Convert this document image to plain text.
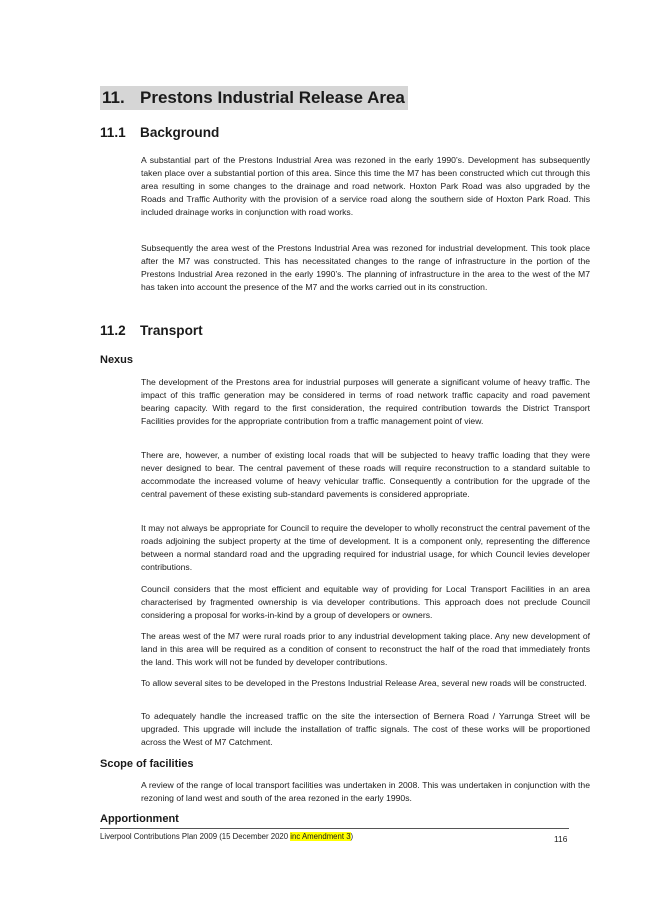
11. Prestons Industrial Release Area
11.1 Background

A substantial part of the Prestons Industrial Area was rezoned in the early 1990’s. Development has subsequently taken place over a substantial portion of this area. Since this time the M7 has been constructed which cut through this area resulting in some changes to the drainage and road network. Hoxton Park Road was also upgraded by the Roads and Traffic Authority with the provision of a service road along the southern side of Hoxton Park Road. This included drainage works in conjunction with road works.

Subsequently the area west of the Prestons Industrial Area was rezoned for industrial development. This took place after the M7 was constructed. This has necessitated changes to the range of infrastructure in the portion of the Prestons Industrial Area rezoned in the early 1990’s. The planning of infrastructure in the area to the west of the M7 has taken into account the presence of the M7 and the works carried out in its construction.

11.2 Transport
Nexus

The development of the Prestons area for industrial purposes will generate a significant volume of heavy traffic. The impact of this traffic generation may be considered in terms of road network traffic capacity and road pavement bearing capacity. With regard to the first consideration, the required contribution towards the District Transport Facilities provides for the appropriate contribution from a traffic management point of view.

There are, however, a number of existing local roads that will be subjected to heavy traffic loading that they were never designed to bear. The central pavement of these roads will require reconstruction to a standard suitable to accommodate the increased volume of heavy vehicular traffic. Consequently a contribution for the upgrade of the central pavement of these existing sub-standard pavements is considered appropriate.

It may not always be appropriate for Council to require the developer to wholly reconstruct the central pavement of the roads adjoining the subject property at the time of development. It is a component only, representing the difference between a normal standard road and the upgrading required for industrial usage, for which Council levies developer contributions.

Council considers that the most efficient and equitable way of providing for Local Transport Facilities in an area characterised by fragmented ownership is via developer contributions. This approach does not preclude Council considering a proposal for works-in-kind by a group of developers or owners.

The areas west of the M7 were rural roads prior to any industrial development taking place. Any new development of land in this area will be required as a condition of consent to reconstruct the half of the road that immediately fronts the land. This work will not be funded by developer contributions.

To allow several sites to be developed in the Prestons Industrial Release Area, several new roads will be constructed.

To adequately handle the increased traffic on the site the intersection of Bernera Road / Yarrunga Street will be upgraded. This upgrade will include the installation of traffic signals. The cost of these works will be proportioned across the West of M7 Catchment.

Scope of facilities

A review of the range of local transport facilities was undertaken in 2008. This was undertaken in conjunction with the rezoning of land west and south of the area rezoned in the early 1990s.

Apportionment
Liverpool Contributions Plan 2009 (15 December 2020 inc Amendment 3)	116
